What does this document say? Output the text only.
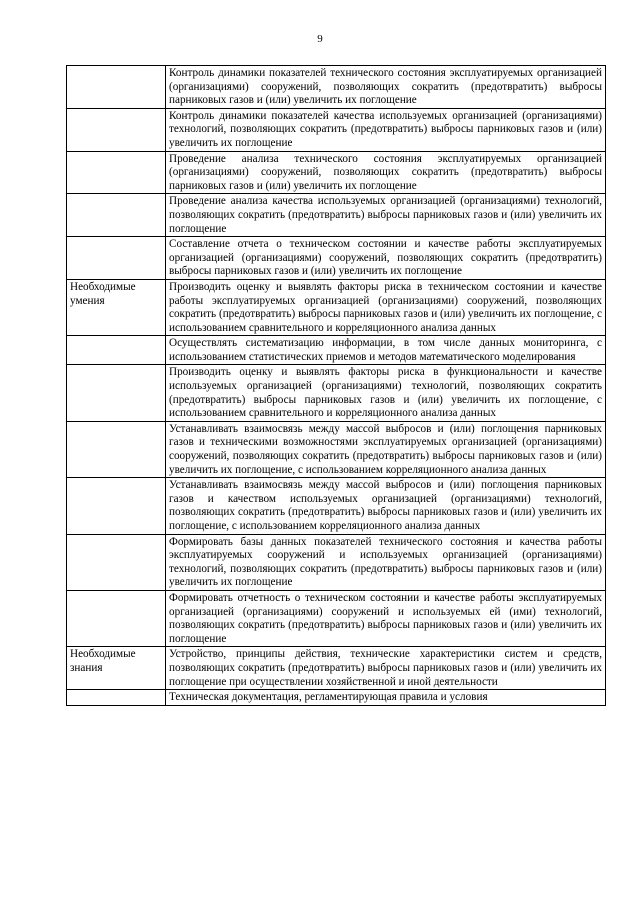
9
	Контроль динамики показателей технического состояния эксплуатируемых организацией (организациями) сооружений, позволяющих сократить (предотвратить) выбросы парниковых газов и (или) увеличить их поглощение
	Контроль динамики показателей качества используемых организацией (организациями) технологий, позволяющих сократить (предотвратить) выбросы парниковых газов и (или) увеличить их поглощение
	Проведение анализа технического состояния эксплуатируемых организацией (организациями) сооружений, позволяющих сократить (предотвратить) выбросы парниковых газов и (или) увеличить их поглощение
	Проведение анализа качества используемых организацией (организациями) технологий, позволяющих сократить (предотвратить) выбросы парниковых газов и (или) увеличить их поглощение
	Составление отчета о техническом состоянии и качестве работы эксплуатируемых организацией (организациями) сооружений, позволяющих сократить (предотвратить) выбросы парниковых газов и (или) увеличить их поглощение
Необходимые умения	Производить оценку и выявлять факторы риска в техническом состоянии и качестве работы эксплуатируемых организацией (организациями) сооружений, позволяющих сократить (предотвратить) выбросы парниковых газов и (или) увеличить их поглощение, с использованием сравнительного и корреляционного анализа данных
	Осуществлять систематизацию информации, в том числе данных мониторинга, с использованием статистических приемов и методов математического моделирования
	Производить оценку и выявлять факторы риска в функциональности и качестве используемых организацией (организациями) технологий, позволяющих сократить (предотвратить) выбросы парниковых газов и (или) увеличить их поглощение, с использованием сравнительного и корреляционного анализа данных
	Устанавливать взаимосвязь между массой выбросов и (или) поглощения парниковых газов и техническими возможностями эксплуатируемых организацией (организациями) сооружений, позволяющих сократить (предотвратить) выбросы парниковых газов и (или) увеличить их поглощение, с использованием корреляционного анализа данных
	Устанавливать взаимосвязь между массой выбросов и (или) поглощения парниковых газов и качеством используемых организацией (организациями) технологий, позволяющих сократить (предотвратить) выбросы парниковых газов и (или) увеличить их поглощение, с использованием корреляционного анализа данных
	Формировать базы данных показателей технического состояния и качества работы эксплуатируемых сооружений и используемых организацией (организациями) технологий, позволяющих сократить (предотвратить) выбросы парниковых газов и (или) увеличить их поглощение
	Формировать отчетность о техническом состоянии и качестве работы эксплуатируемых организацией (организациями) сооружений и используемых ей (ими) технологий, позволяющих сократить (предотвратить) выбросы парниковых газов и (или) увеличить их поглощение
Необходимые знания	Устройство, принципы действия, технические характеристики систем и средств, позволяющих сократить (предотвратить) выбросы парниковых газов и (или) увеличить их поглощение при осуществлении хозяйственной и иной деятельности
	Техническая документация, регламентирующая правила и условия
